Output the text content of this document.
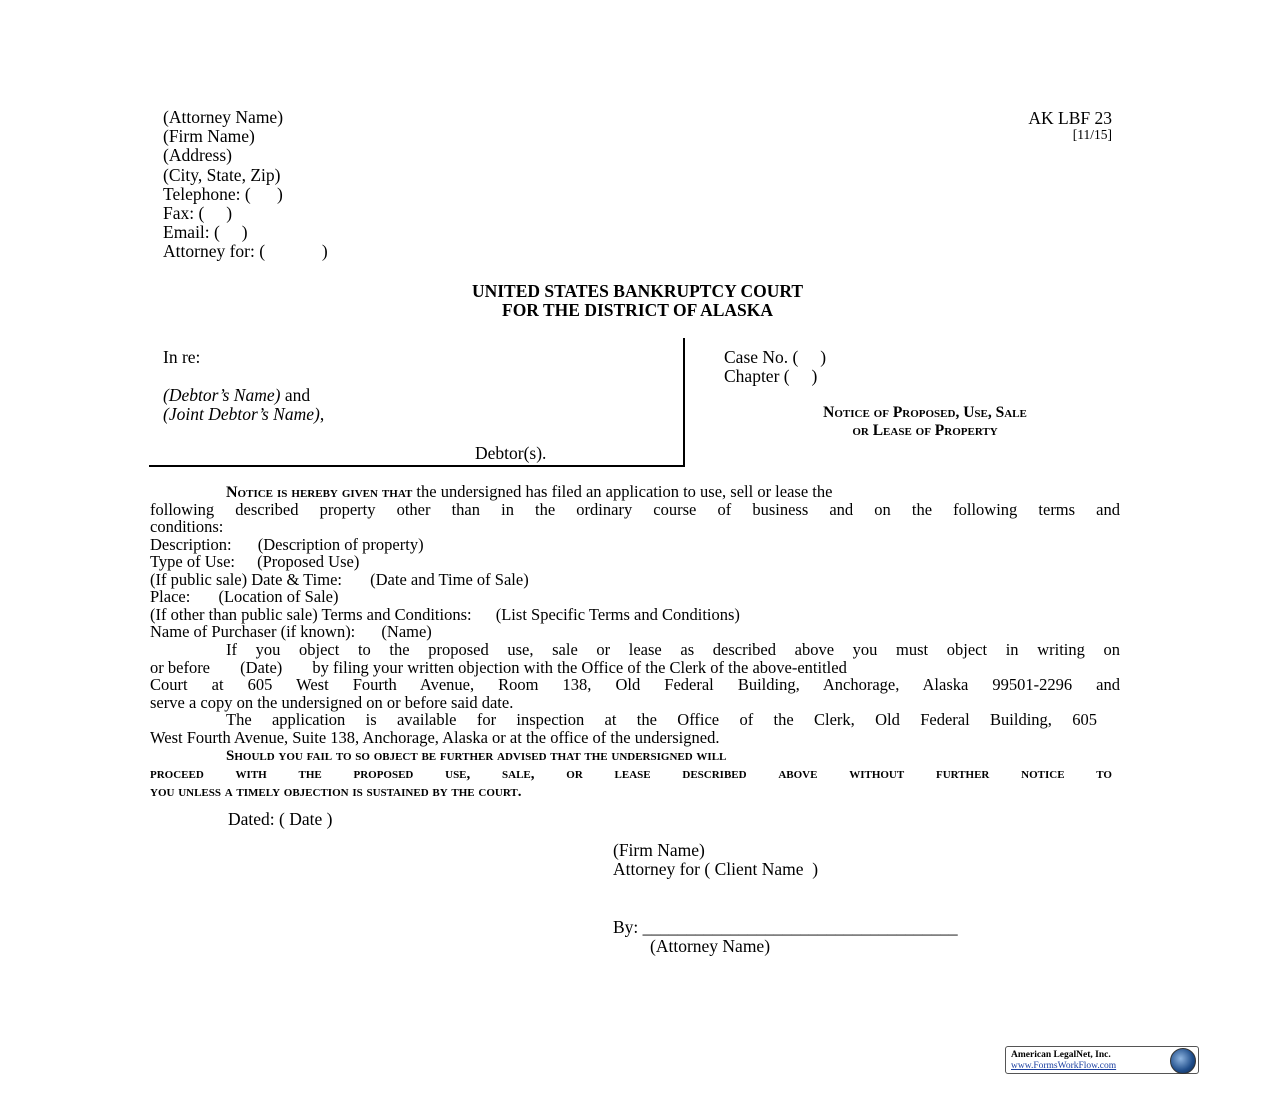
(Attorney Name)
(Firm Name)
(Address)
(City, State, Zip)
Telephone: (      )
Fax: (     )
Email: (     )
Attorney for: (             )
AK LBF 23
[11/15]
UNITED STATES BANKRUPTCY COURT
FOR THE DISTRICT OF ALASKA
In re:
(Debtor’s Name) and
(Joint Debtor’s Name),
Debtor(s).
Case No. (     )
Chapter (     )
Notice of Proposed, Use, Sale
or Lease of Property
Notice is hereby given that the undersigned has filed an application to use, sell or lease the
following described property other than in the ordinary course of business and on the following terms and
conditions:
Description: (Description of property)
Type of Use: (Proposed Use)
(If public sale) Date & Time: (Date and Time of Sale)
Place: (Location of Sale)
(If other than public sale) Terms and Conditions: (List Specific Terms and Conditions)
Name of Purchaser (if known): (Name)
If you object to the proposed use, sale or lease as described above you must object in writing on
or before (Date) by filing your written objection with the Office of the Clerk of the above-entitled
Court at 605 West Fourth Avenue, Room 138, Old Federal Building, Anchorage, Alaska 99501-2296 and
serve a copy on the undersigned on or before said date.
The application is available for inspection at the Office of the Clerk, Old Federal Building, 605
West Fourth Avenue, Suite 138, Anchorage, Alaska or at the office of the undersigned.
Should you fail to so object be further advised that the undersigned will
proceed with the proposed use, sale, or lease described above without further notice to
you unless a timely objection is sustained by the court.
Dated: ( Date )
(Firm Name)
Attorney for ( Client Name  )
By: ____________________________________
(Attorney Name)
American LegalNet, Inc.
www.FormsWorkFlow.com
